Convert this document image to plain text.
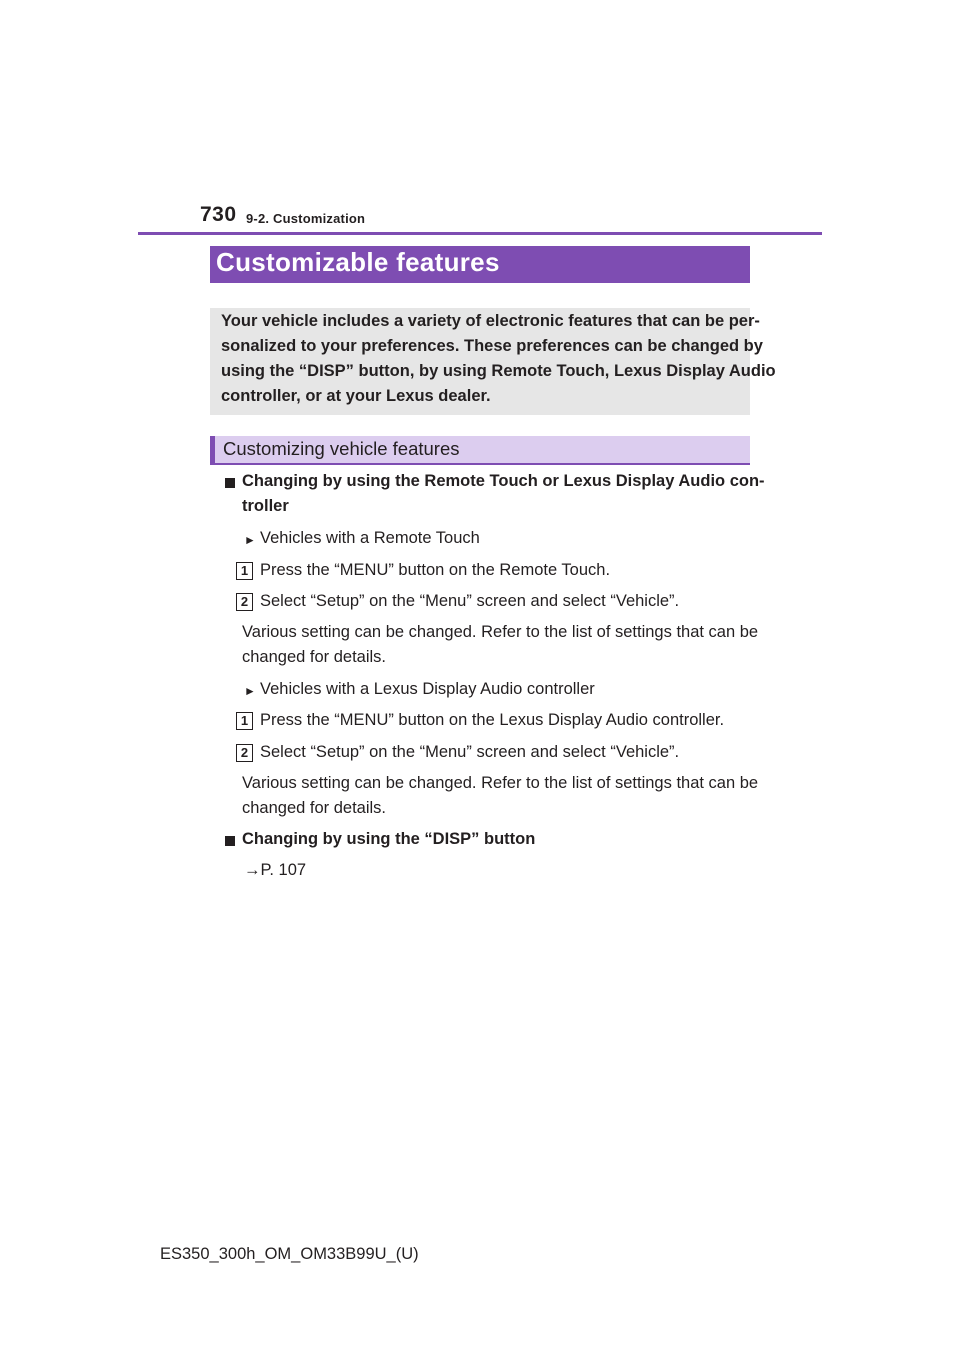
730 9-2. Customization
Customizable features
Your vehicle includes a variety of electronic features that can be per-
sonalized to your preferences. These preferences can be changed by
using the “DISP” button, by using Remote Touch, Lexus Display Audio
controller, or at your Lexus dealer.
Customizing vehicle features
Changing by using the Remote Touch or Lexus Display Audio con-
troller
► Vehicles with a Remote Touch
1 Press the “MENU” button on the Remote Touch.
2 Select “Setup” on the “Menu” screen and select “Vehicle”.
Various setting can be changed. Refer to the list of settings that can be
changed for details.
► Vehicles with a Lexus Display Audio controller
1 Press the “MENU” button on the Lexus Display Audio controller.
2 Select “Setup” on the “Menu” screen and select “Vehicle”.
Various setting can be changed. Refer to the list of settings that can be
changed for details.
Changing by using the “DISP” button
→P. 107
ES350_300h_OM_OM33B99U_(U)
